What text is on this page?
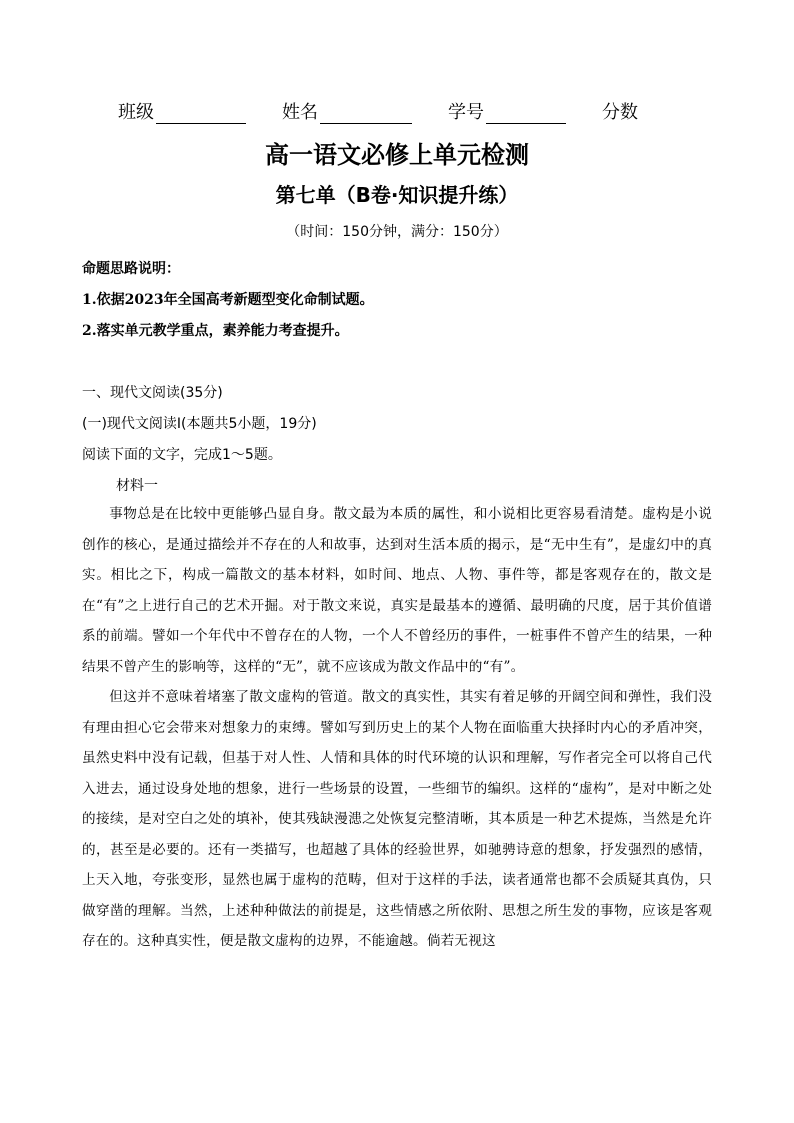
班级	姓名	学号	分数
高一语文必修上单元检测
第七单（B卷·知识提升练）
（时间：150分钟，满分：150分）
命题思路说明：
1.依据2023年全国高考新题型变化命制试题。
2.落实单元教学重点，素养能力考查提升。
一、现代文阅读(35分)
(一)现代文阅读Ⅰ(本题共5小题，19分)
阅读下面的文字，完成1～5题。
材料一

事物总是在比较中更能够凸显自身。散文最为本质的属性，和小说相比更容易看清楚。虚构是小说创作的核心，是通过描绘并不存在的人和故事，达到对生活本质的揭示，是“无中生有”，是虚幻中的真实。相比之下，构成一篇散文的基本材料，如时间、地点、人物、事件等，都是客观存在的，散文是在“有”之上进行自己的艺术开掘。对于散文来说，真实是最基本的遵循、最明确的尺度，居于其价值谱系的前端。譬如一个年代中不曾存在的人物，一个人不曾经历的事件，一桩事件不曾产生的结果，一种结果不曾产生的影响等，这样的“无”，就不应该成为散文作品中的“有”。

但这并不意味着堵塞了散文虚构的管道。散文的真实性，其实有着足够的开阔空间和弹性，我们没有理由担心它会带来对想象力的束缚。譬如写到历史上的某个人物在面临重大抉择时内心的矛盾冲突，虽然史料中没有记载，但基于对人性、人情和具体的时代环境的认识和理解，写作者完全可以将自己代入进去，通过设身处地的想象，进行一些场景的设置，一些细节的编织。这样的“虚构”，是对中断之处的接续，是对空白之处的填补，使其残缺漫漶之处恢复完整清晰，其本质是一种艺术提炼，当然是允许的，甚至是必要的。还有一类描写，也超越了具体的经验世界，如驰骋诗意的想象，抒发强烈的感情，上天入地，夸张变形，显然也属于虚构的范畴，但对于这样的手法，读者通常也都不会质疑其真伪，只做穿凿的理解。当然，上述种种做法的前提是，这些情感之所依附、思想之所生发的事物，应该是客观存在的。这种真实性，便是散文虚构的边界，不能逾越。倘若无视这
